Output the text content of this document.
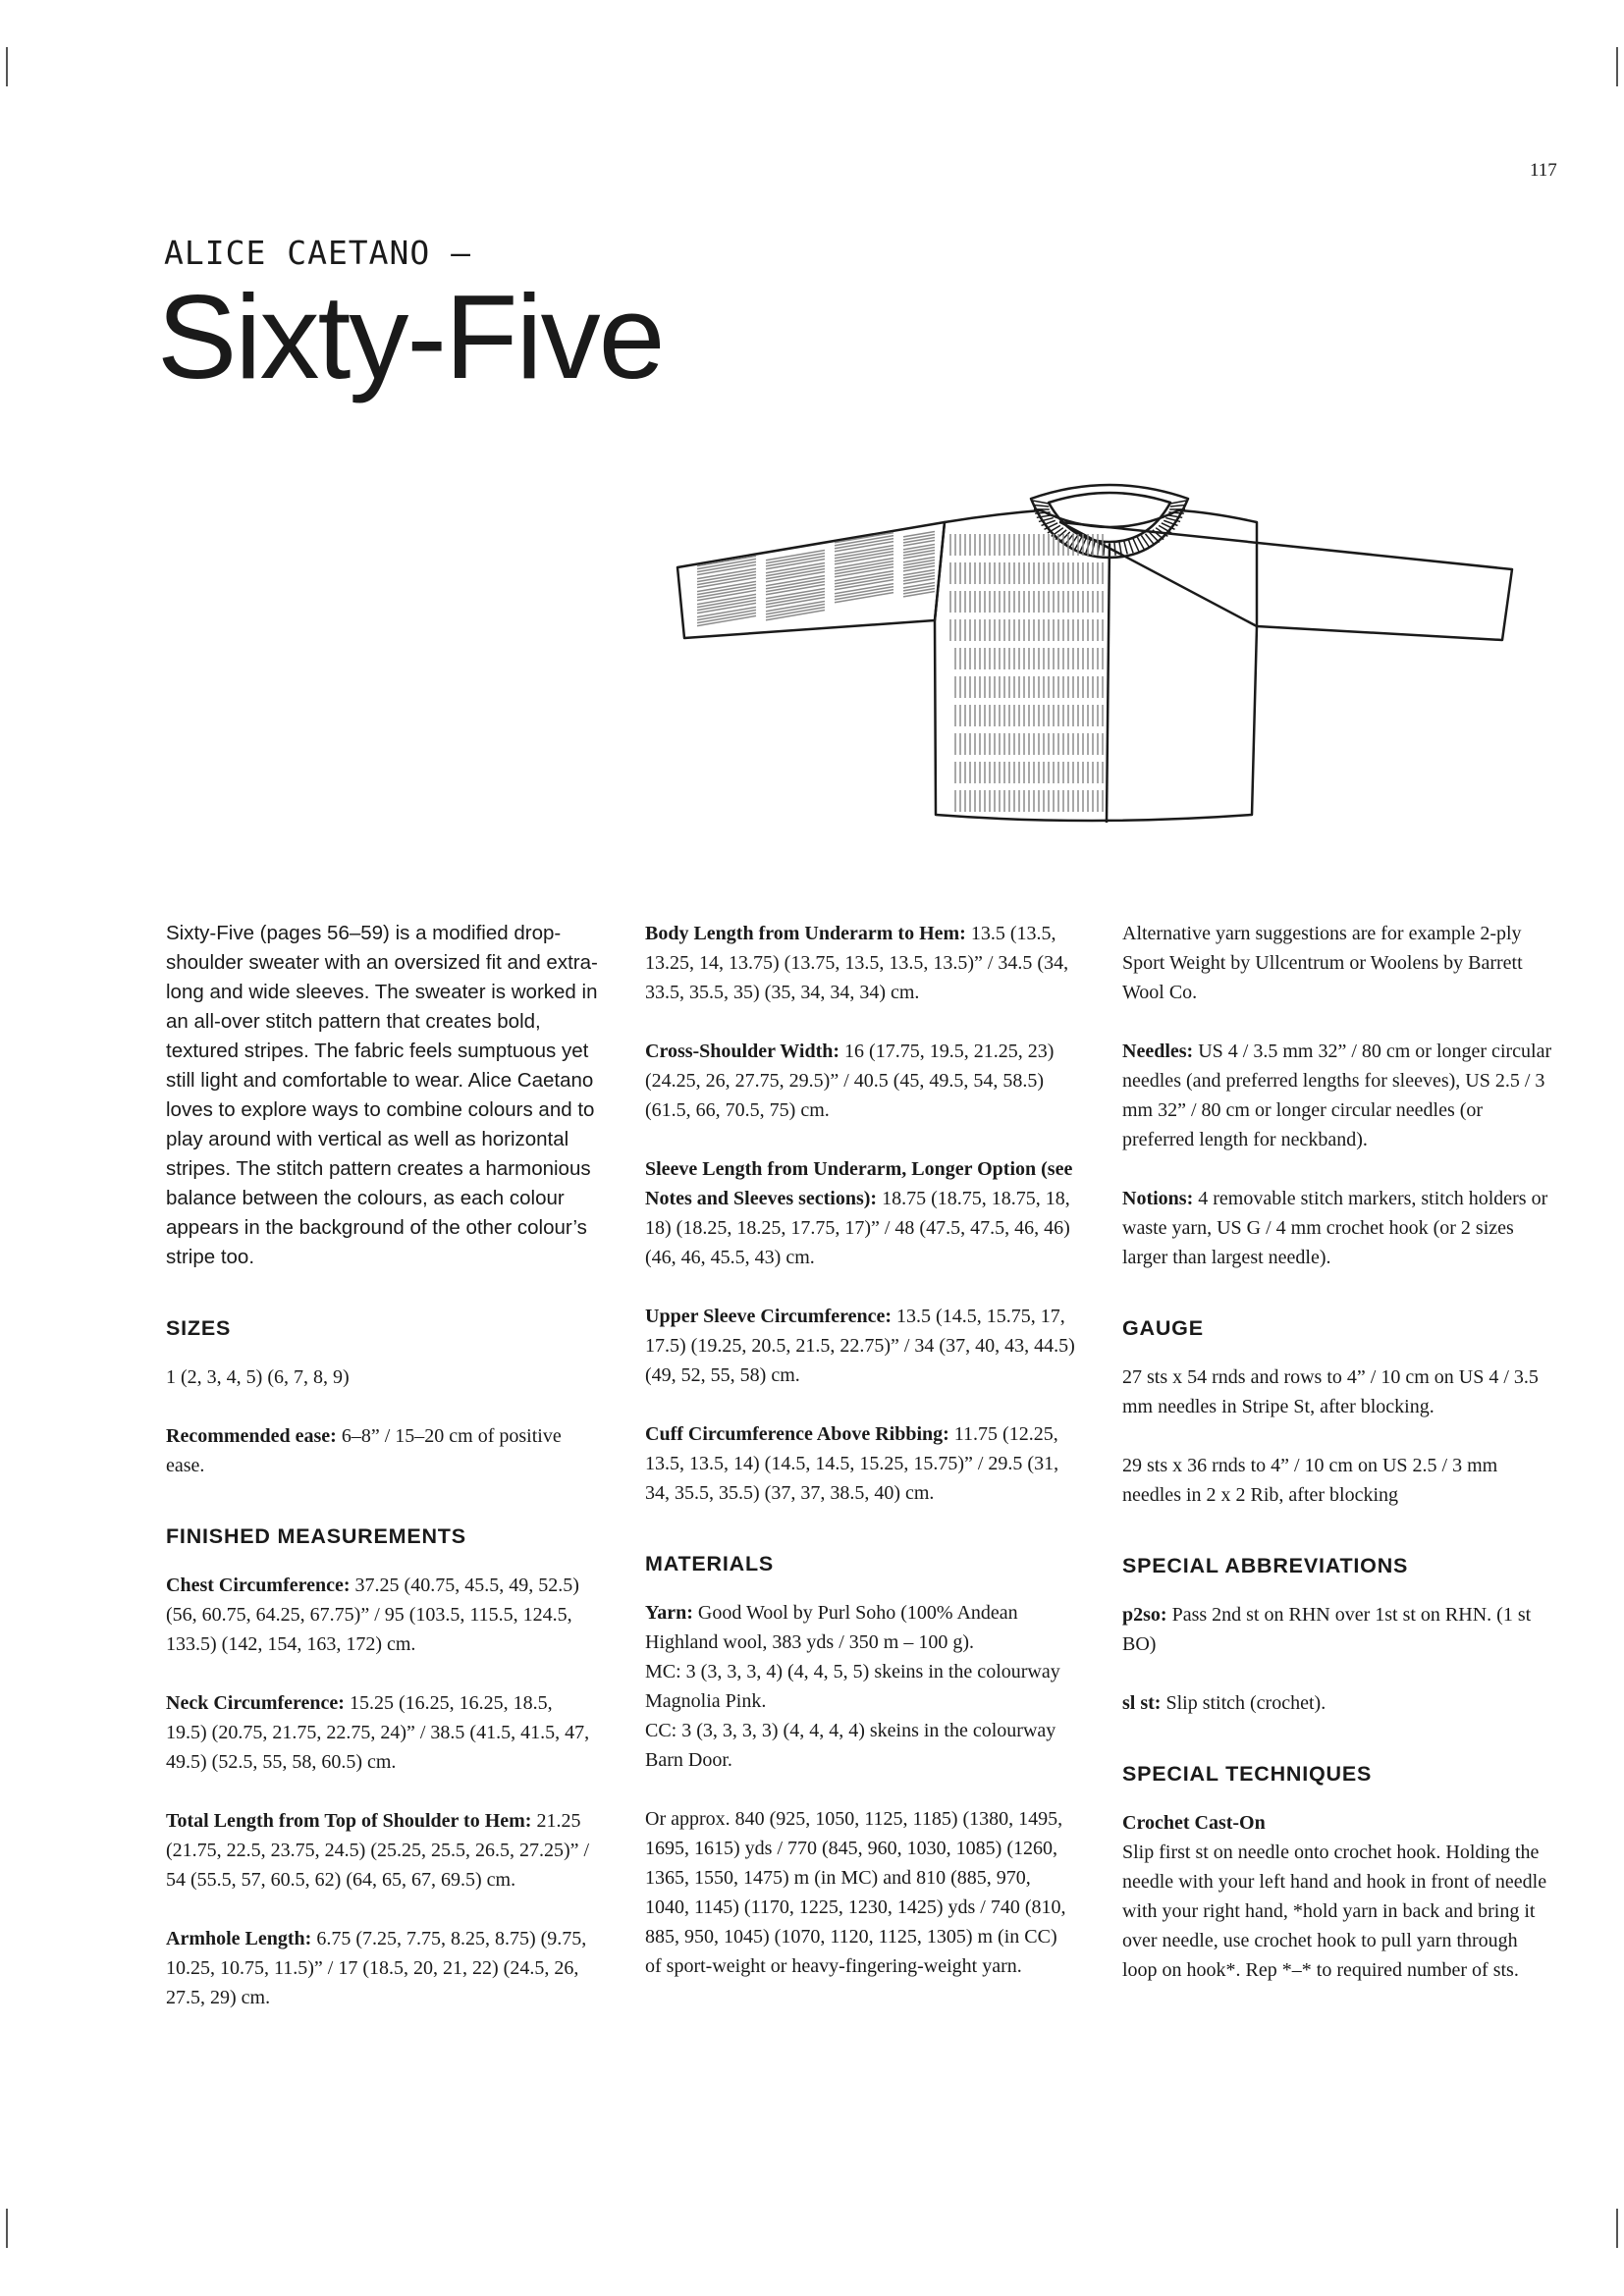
117
ALICE CAETANO —
Sixty-Five

Sixty-Five (pages 56–59) is a modified drop-shoulder sweater with an oversized fit and extra-long and wide sleeves. The sweater is worked in an all-over stitch pattern that creates bold, textured stripes. The fabric feels sumptuous yet still light and comfortable to wear. Alice Caetano loves to explore ways to combine colours and to play around with vertical as well as horizontal stripes. The stitch pattern creates a harmonious balance between the colours, as each colour appears in the background of the other colour’s stripe too.

SIZES

1 (2, 3, 4, 5) (6, 7, 8, 9)

Recommended ease: 6–8” / 15–20 cm of positive ease.

FINISHED MEASUREMENTS

Chest Circumference: 37.25 (40.75, 45.5, 49, 52.5) (56, 60.75, 64.25, 67.75)” / 95 (103.5, 115.5, 124.5, 133.5) (142, 154, 163, 172) cm.

Neck Circumference: 15.25 (16.25, 16.25, 18.5, 19.5) (20.75, 21.75, 22.75, 24)” / 38.5 (41.5, 41.5, 47, 49.5) (52.5, 55, 58, 60.5) cm.

Total Length from Top of Shoulder to Hem: 21.25 (21.75, 22.5, 23.75, 24.5) (25.25, 25.5, 26.5, 27.25)” / 54 (55.5, 57, 60.5, 62) (64, 65, 67, 69.5) cm.

Armhole Length: 6.75 (7.25, 7.75, 8.25, 8.75) (9.75, 10.25, 10.75, 11.5)” / 17 (18.5, 20, 21, 22) (24.5, 26, 27.5, 29) cm.

Body Length from Underarm to Hem: 13.5 (13.5, 13.25, 14, 13.75) (13.75, 13.5, 13.5, 13.5)” / 34.5 (34, 33.5, 35.5, 35) (35, 34, 34, 34) cm.

Cross-Shoulder Width: 16 (17.75, 19.5, 21.25, 23) (24.25, 26, 27.75, 29.5)” / 40.5 (45, 49.5, 54, 58.5) (61.5, 66, 70.5, 75) cm.

Sleeve Length from Underarm, Longer Option (see Notes and Sleeves sections): 18.75 (18.75, 18.75, 18, 18) (18.25, 18.25, 17.75, 17)” / 48 (47.5, 47.5, 46, 46) (46, 46, 45.5, 43) cm.

Upper Sleeve Circumference: 13.5 (14.5, 15.75, 17, 17.5) (19.25, 20.5, 21.5, 22.75)” / 34 (37, 40, 43, 44.5) (49, 52, 55, 58) cm.

Cuff Circumference Above Ribbing: 11.75 (12.25, 13.5, 13.5, 14) (14.5, 14.5, 15.25, 15.75)” / 29.5 (31, 34, 35.5, 35.5) (37, 37, 38.5, 40) cm.

MATERIALS

Yarn: Good Wool by Purl Soho (100% Andean Highland wool, 383 yds / 350 m – 100 g).

MC: 3 (3, 3, 3, 4) (4, 4, 5, 5) skeins in the colourway Magnolia Pink.

CC: 3 (3, 3, 3, 3) (4, 4, 4, 4) skeins in the colourway Barn Door.

Or approx. 840 (925, 1050, 1125, 1185) (1380, 1495, 1695, 1615) yds / 770 (845, 960, 1030, 1085) (1260, 1365, 1550, 1475) m (in MC) and 810 (885, 970, 1040, 1145) (1170, 1225, 1230, 1425) yds / 740 (810, 885, 950, 1045) (1070, 1120, 1125, 1305) m (in CC) of sport-weight or heavy-fingering-weight yarn.

Alternative yarn suggestions are for example 2-ply Sport Weight by Ullcentrum or Woolens by Barrett Wool Co.

Needles: US 4 / 3.5 mm 32” / 80 cm or longer circular needles (and preferred lengths for sleeves), US 2.5 / 3 mm 32” / 80 cm or longer circular needles (or preferred length for neckband).

Notions: 4 removable stitch markers, stitch holders or waste yarn, US G / 4 mm crochet hook (or 2 sizes larger than largest needle).

GAUGE

27 sts x 54 rnds and rows to 4” / 10 cm on US 4 / 3.5 mm needles in Stripe St, after blocking.

29 sts x 36 rnds to 4” / 10 cm on US 2.5 / 3 mm needles in 2 x 2 Rib, after blocking

SPECIAL ABBREVIATIONS

p2so: Pass 2nd st on RHN over 1st st on RHN. (1 st BO)

sl st: Slip stitch (crochet).

SPECIAL TECHNIQUES

Crochet Cast-On

Slip first st on needle onto crochet hook. Holding the needle with your left hand and hook in front of needle with your right hand, *hold yarn in back and bring it over needle, use crochet hook to pull yarn through loop on hook*. Rep *–* to required number of sts.
